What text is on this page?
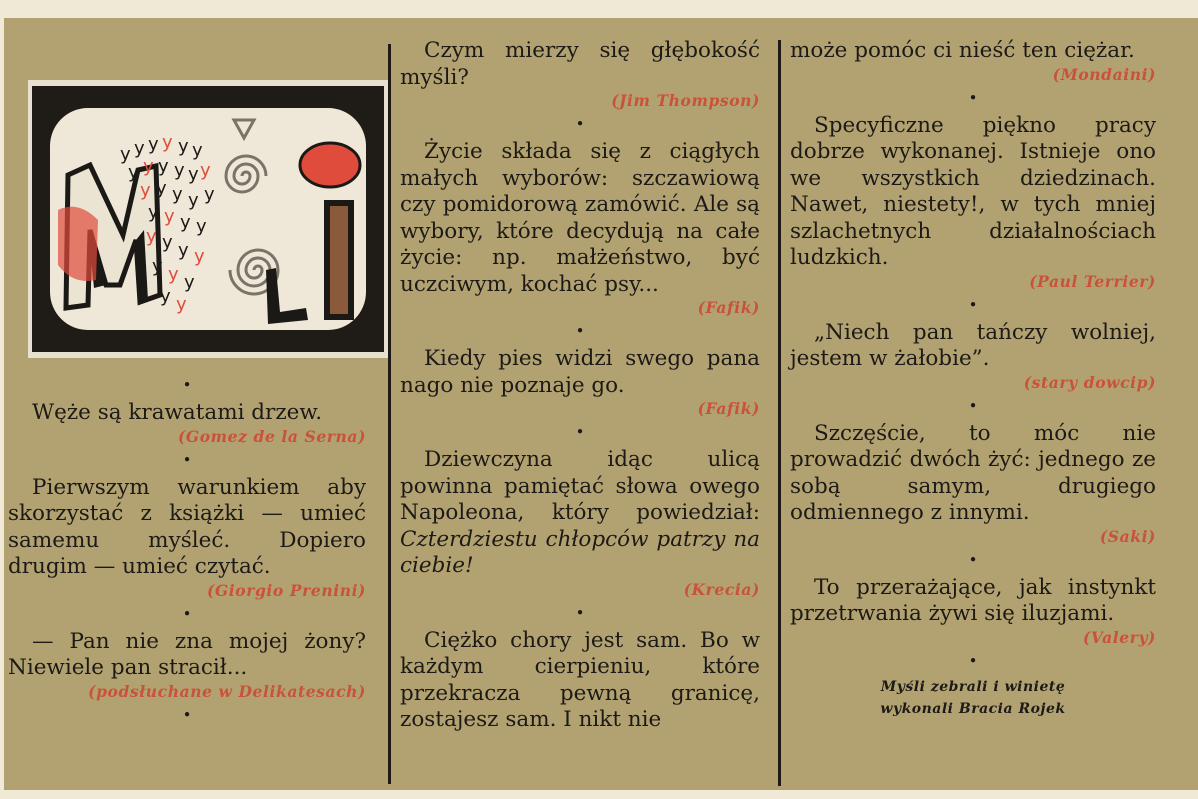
y y y y y y
y y y y y y
y y y y y
y y y y
y y y y
y y y
y y
•

Węże są krawatami drzew.

(Gomez de la Serna)

•

Pierwszym warunkiem aby skorzystać z książki — umieć samemu myśleć. Dopiero drugim — umieć czytać.

(Giorgio Prenini)

•

— Pan nie zna mojej żony? Niewiele pan stracił...

(podsłuchane w Delikatesach)

•

Czym mierzy się głębokość myśli?

(Jim Thompson)

•

Życie składa się z ciągłych małych wyborów: szczawiową czy pomidorową zamówić. Ale są wybory, które decydują na całe życie: np. małżeństwo, być uczciwym, kochać psy...

(Fafik)

•

Kiedy pies widzi swego pana nago nie poznaje go.

(Fafik)

•

Dziewczyna idąc ulicą powinna pamiętać słowa owego Napoleona, który powiedział: Czterdziestu chłopców patrzy na ciebie!

(Krecia)

•

Ciężko chory jest sam. Bo w każdym cierpieniu, które przekracza pewną granicę, zostajesz sam. I nikt nie

może pomóc ci nieść ten ciężar.

(Mondaini)

•

Specyficzne piękno pracy dobrze wykonanej. Istnieje ono we wszystkich dziedzinach. Nawet, niestety!, w tych mniej szlachetnych działalnościach ludzkich.

(Paul Terrier)

•

„Niech pan tańczy wolniej, jestem w żałobie”.

(stary dowcip)

•

Szczęście, to móc nie prowadzić dwóch żyć: jednego ze sobą samym, drugiego odmiennego z innymi.

(Saki)

•

To przerażające, jak instynkt przetrwania żywi się iluzjami.

(Valery)

•
Myśli zebrali i winietę
wykonali Bracia Rojek
